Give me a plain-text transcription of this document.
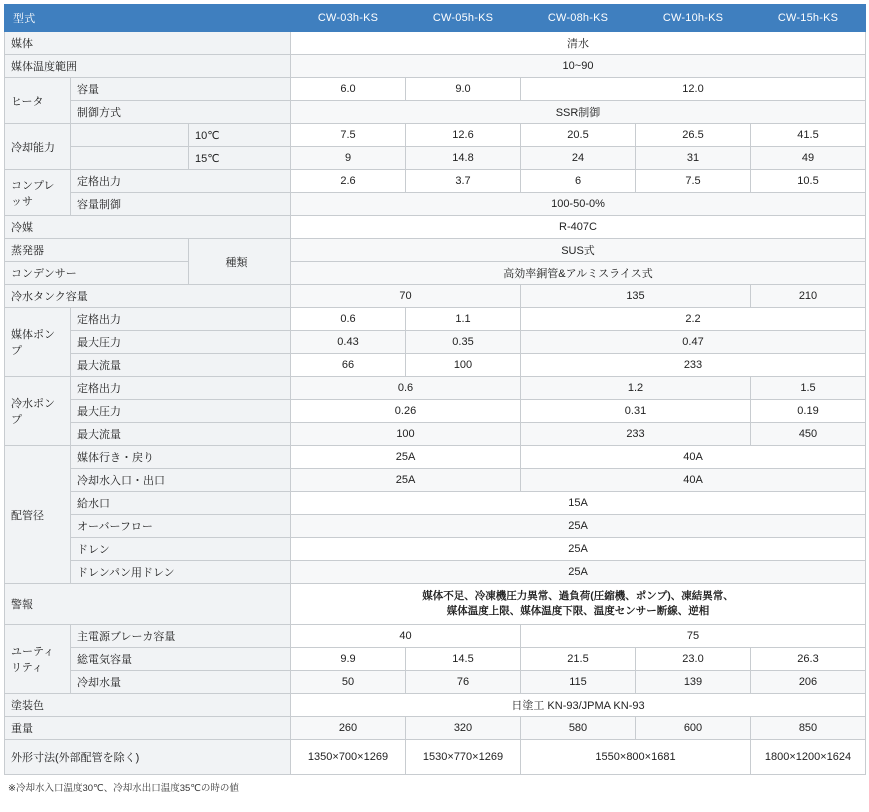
型式			CW-03h-KS	CW-05h-KS	CW-08h-KS	CW-10h-KS	CW-15h-KS
媒体			清水				
媒体温度範囲			10~90				
ヒータ	容量		6.0	9.0	12.0		
	制御方式		SSR制御				
冷却能力		10℃	7.5	12.6	20.5	26.5	41.5
		15℃	9	14.8	24	31	49
コンプレッサ	定格出力		2.6	3.7	6	7.5	10.5
	容量制御		100-50-0%				
冷媒			R-407C				
蒸発器		種類	SUS式				
コンデンサー			高効率銅管&アルミスライス式				
冷水タンク容量			70		135		210
媒体ポンプ	定格出力		0.6	1.1	2.2		
	最大圧力		0.43	0.35	0.47		
	最大流量		66	100	233		
冷水ポンプ	定格出力		0.6		1.2		1.5
	最大圧力		0.26		0.31		0.19
	最大流量		100		233		450
配管径	媒体行き・戻り		25A		40A		
	冷却水入口・出口		25A		40A		
	給水口		15A				
	オーバーフロー		25A				
	ドレン		25A				
	ドレンパン用ドレン		25A				
警報			媒体不足、冷凍機圧力異常、過負荷(圧縮機、ポンプ)、凍結異常、
媒体温度上限、媒体温度下限、温度センサー断線、逆相				

ユーティリティ	主電源ブレーカ容量		40		75		
	総電気容量		9.9	14.5	21.5	23.0	26.3
	冷却水量		50	76	115	139	206
塗装色			日塗工 KN-93/JPMA KN-93				
重量			260	320	580	600	850
外形寸法(外部配管を除く)			1350×700×1269	1530×770×1269	1550×800×1681		1800×1200×1624
※冷却水入口温度30℃、冷却水出口温度35℃の時の値
